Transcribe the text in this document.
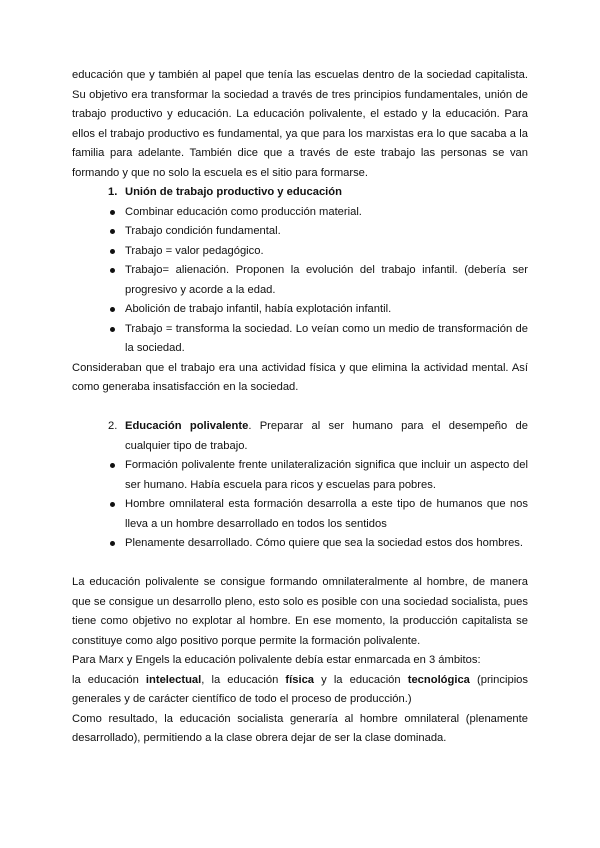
educación que y también al papel que tenía las escuelas dentro de la sociedad capitalista. Su objetivo era transformar la sociedad a través de tres principios fundamentales, unión de trabajo productivo y educación. La educación polivalente, el estado y la educación. Para ellos el trabajo productivo es fundamental, ya que para los marxistas era lo que sacaba a la familia para adelante. También dice que a través de este trabajo las personas se van formando y que no solo la escuela es el sitio para formarse.

1. Unión de trabajo productivo y educación
Combinar educación como producción material.
Trabajo condición fundamental.
Trabajo = valor pedagógico.
Trabajo= alienación. Proponen la evolución del trabajo infantil. (debería ser progresivo y acorde a la edad.
Abolición de trabajo infantil, había explotación infantil.
Trabajo = transforma la sociedad. Lo veían como un medio de transformación de la sociedad.

Consideraban que el trabajo era una actividad física y que elimina la actividad mental. Así como generaba insatisfacción en la sociedad.

2. Educación polivalente. Preparar al ser humano para el desempeño de cualquier tipo de trabajo.
Formación polivalente frente unilateralización significa que incluir un aspecto del ser humano. Había escuela para ricos y escuelas para pobres.
Hombre omnilateral esta formación desarrolla a este tipo de humanos que nos lleva a un hombre desarrollado en todos los sentidos
Plenamente desarrollado. Cómo quiere que sea la sociedad estos dos hombres.

La educación polivalente se consigue formando omnilateralmente al hombre, de manera que se consigue un desarrollo pleno, esto solo es posible con una sociedad socialista, pues tiene como objetivo no explotar al hombre. En ese momento, la producción capitalista se constituye como algo positivo porque permite la formación polivalente.

Para Marx y Engels la educación polivalente debía estar enmarcada en 3 ámbitos:

la educación intelectual, la educación física y la educación tecnológica (principios generales y de carácter científico de todo el proceso de producción.)

Como resultado, la educación socialista generaría al hombre omnilateral (plenamente desarrollado), permitiendo a la clase obrera dejar de ser la clase dominada.
